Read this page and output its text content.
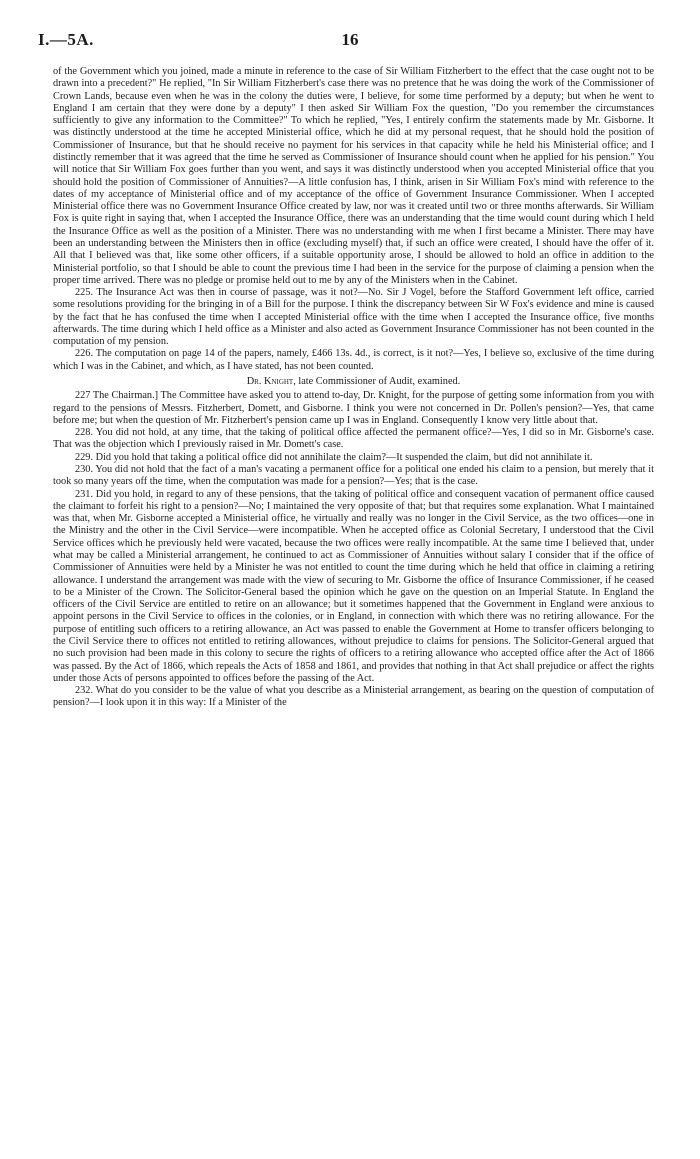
I.—5A.	16

of the Government which you joined, made a minute in reference to the case of Sir William Fitzherbert to the effect that the case ought not to be drawn into a precedent?" He replied, "In Sir William Fitzherbert's case there was no pretence that he was doing the work of the Commissioner of Crown Lands, because even when he was in the colony the duties were, I believe, for some time performed by a deputy; but when he went to England I am certain that they were done by a deputy" I then asked Sir William Fox the question, "Do you remember the circumstances sufficiently to give any information to the Committee?" To which he replied, "Yes, I entirely confirm the statements made by Mr. Gisborne. It was distinctly understood at the time he accepted Ministerial office, which he did at my personal request, that he should hold the position of Commissioner of Insurance, but that he should receive no payment for his services in that capacity while he held his Ministerial office; and I distinctly remember that it was agreed that the time he served as Commissioner of Insurance should count when he applied for his pension." You will notice that Sir William Fox goes further than you went, and says it was distinctly understood when you accepted Ministerial office that you should hold the position of Commissioner of Annuities?—A little confusion has, I think, arisen in Sir William Fox's mind with reference to the dates of my acceptance of Ministerial office and of my acceptance of the office of Government Insurance Commissioner. When I accepted Ministerial office there was no Government Insurance Office created by law, nor was it created until two or three months afterwards. Sir William Fox is quite right in saying that, when I accepted the Insurance Office, there was an understanding that the time would count during which I held the Insurance Office as well as the position of a Minister. There was no understanding with me when I first became a Minister. There may have been an understanding between the Ministers then in office (excluding myself) that, if such an office were created, I should have the offer of it. All that I believed was that, like some other officers, if a suitable opportunity arose, I should be allowed to hold an office in addition to the Ministerial portfolio, so that I should be able to count the previous time I had been in the service for the purpose of claiming a pension when the proper time arrived. There was no pledge or promise held out to me by any of the Ministers when in the Cabinet.

225. The Insurance Act was then in course of passage, was it not?—No. Sir J Vogel, before the Stafford Government left office, carried some resolutions providing for the bringing in of a Bill for the purpose. I think the discrepancy between Sir W Fox's evidence and mine is caused by the fact that he has confused the time when I accepted Ministerial office with the time when I accepted the Insurance office, five months afterwards. The time during which I held office as a Minister and also acted as Government Insurance Commissioner has not been counted in the computation of my pension.

226. The computation on page 14 of the papers, namely, £466 13s. 4d., is correct, is it not?—Yes, I believe so, exclusive of the time during which I was in the Cabinet, and which, as I have stated, has not been counted.

Dr. Knight, late Commissioner of Audit, examined.

227 The Chairman.] The Committee have asked you to attend to-day, Dr. Knight, for the purpose of getting some information from you with regard to the pensions of Messrs. Fitzherbert, Domett, and Gisborne. I think you were not concerned in Dr. Pollen's pension?—Yes, that came before me; but when the question of Mr. Fitzherbert's pension came up I was in England. Consequently I know very little about that.

228. You did not hold, at any time, that the taking of political office affected the permanent office?—Yes, I did so in Mr. Gisborne's case. That was the objection which I previously raised in Mr. Domett's case.

229. Did you hold that taking a political office did not annihilate the claim?—It suspended the claim, but did not annihilate it.

230. You did not hold that the fact of a man's vacating a permanent office for a political one ended his claim to a pension, but merely that it took so many years off the time, when the computation was made for a pension?—Yes; that is the case.

231. Did you hold, in regard to any of these pensions, that the taking of political office and consequent vacation of permanent office caused the claimant to forfeit his right to a pension?—No; I maintained the very opposite of that; but that requires some explanation. What I maintained was that, when Mr. Gisborne accepted a Ministerial office, he virtually and really was no longer in the Civil Service, as the two offices—one in the Ministry and the other in the Civil Service—were incompatible. When he accepted office as Colonial Secretary, I understood that the Civil Service offices which he previously held were vacated, because the two offices were really incompatible. At the same time I believed that, under what may be called a Ministerial arrangement, he continued to act as Commissioner of Annuities without salary I consider that if the office of Commissioner of Annuities were held by a Minister he was not entitled to count the time during which he held that office in claiming a retiring allowance. I understand the arrangement was made with the view of securing to Mr. Gisborne the office of Insurance Commissioner, if he ceased to be a Minister of the Crown. The Solicitor-General based the opinion which he gave on the question on an Imperial Statute. In England the officers of the Civil Service are entitled to retire on an allowance; but it sometimes happened that the Government in England were anxious to appoint persons in the Civil Service to offices in the colonies, or in England, in connection with which there was no retiring allowance. For the purpose of entitling such officers to a retiring allowance, an Act was passed to enable the Government at Home to transfer officers belonging to the Civil Service there to offices not entitled to retiring allowances, without prejudice to claims for pensions. The Solicitor-General argued that no such provision had been made in this colony to secure the rights of officers to a retiring allowance who accepted office after the Act of 1866 was passed. By the Act of 1866, which repeals the Acts of 1858 and 1861, and provides that nothing in that Act shall prejudice or affect the rights under those Acts of persons appointed to offices before the passing of the Act.

232. What do you consider to be the value of what you describe as a Ministerial arrangement, as bearing on the question of computation of pension?—I look upon it in this way: If a Minister of the
